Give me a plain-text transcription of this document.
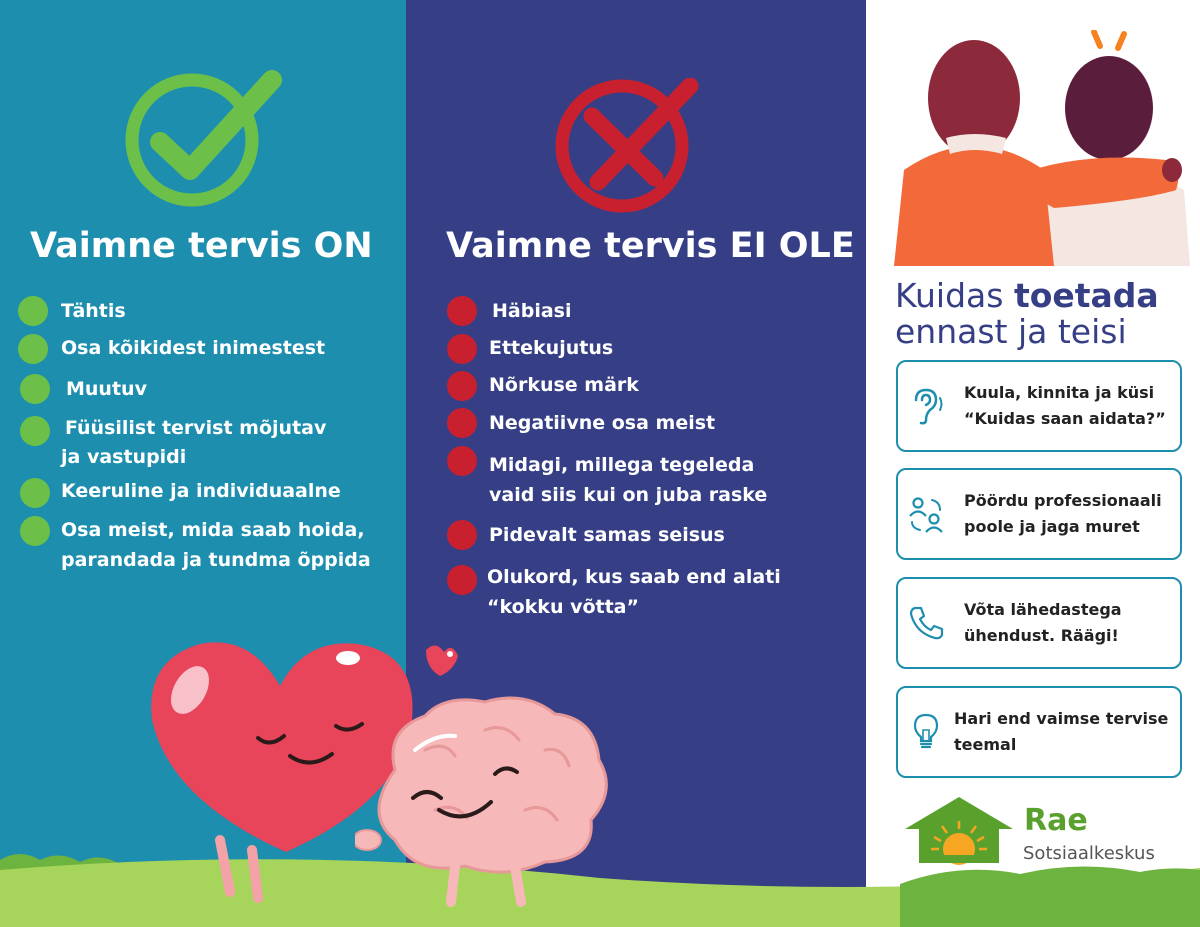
Vaimne tervis ON
Tähtis
Osa kõikidest inimestest
Muutuv
Füüsilist tervist mõjutav
ja vastupidi
Keeruline ja individuaalne
Osa meist, mida saab hoida,
parandada ja tundma õppida
Vaimne tervis EI OLE
Häbiasi
Ettekujutus
Nõrkuse märk
Negatiivne osa meist
Midagi, millega tegeleda
vaid siis kui on juba raske
Pidevalt samas seisus
Olukord, kus saab end alati
“kokku võtta”
Kuidas toetada
ennast ja teisi
Kuula, kinnita ja küsi
“Kuidas saan aidata?”
Pöördu professionaali
poole ja jaga muret
Võta lähedastega
ühendust. Räägi!
Hari end vaimse tervise
teemal
Rae
Sotsiaalkeskus
